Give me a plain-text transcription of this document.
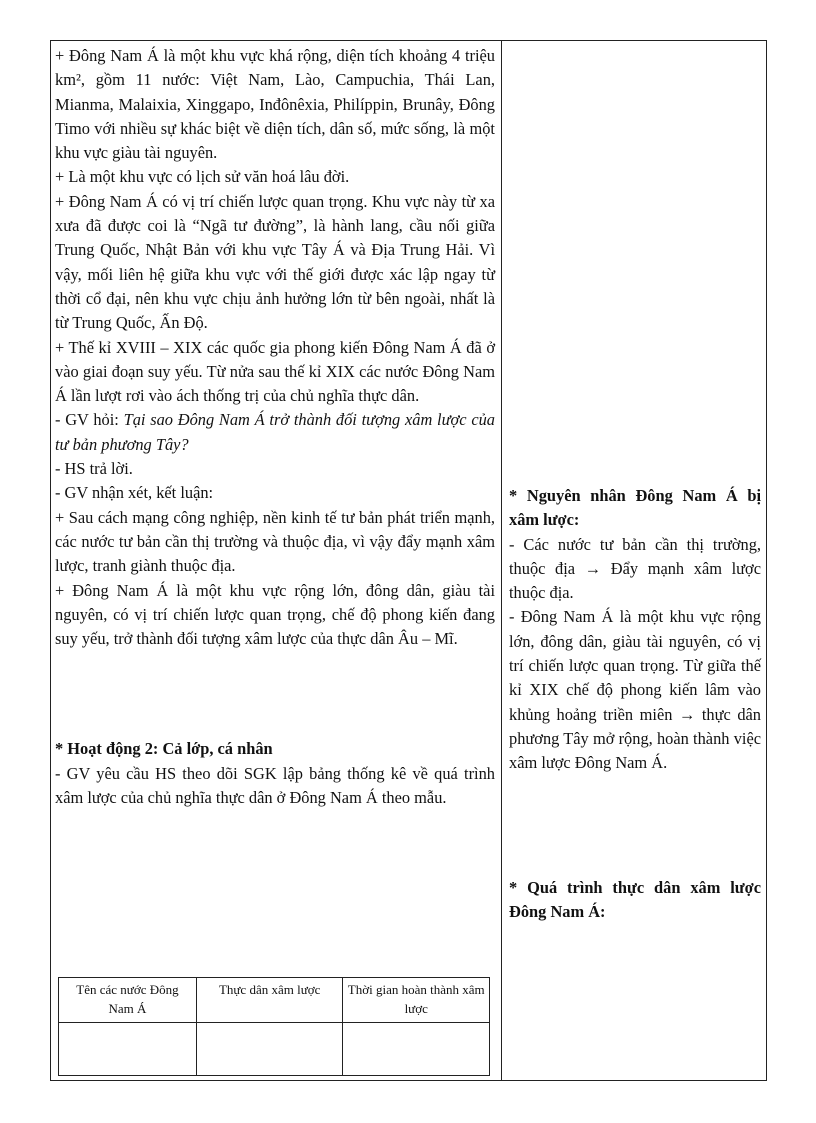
+ Đông Nam Á là một khu vực khá rộng, diện tích khoảng 4 triệu km², gồm 11 nước: Việt Nam, Lào, Campuchia, Thái Lan, Mianma, Malaixia, Xinggapo, Inđônêxia, Philíppin, Brunây, Đông Timo với nhiều sự khác biệt về diện tích, dân số, mức sống, là một khu vực giàu tài nguyên.

+ Là một khu vực có lịch sử văn hoá lâu đời.

+ Đông Nam Á có vị trí chiến lược quan trọng. Khu vực này từ xa xưa đã được coi là “Ngã tư đường”, là hành lang, cầu nối giữa Trung Quốc, Nhật Bản với khu vực Tây Á và Địa Trung Hải. Vì vậy, mối liên hệ giữa khu vực với thế giới được xác lập ngay từ thời cổ đại, nên khu vực chịu ảnh hưởng lớn từ bên ngoài, nhất là từ Trung Quốc, Ấn Độ.

+ Thế kỉ XVIII – XIX các quốc gia phong kiến Đông Nam Á đã ở vào giai đoạn suy yếu. Từ nửa sau thế kỉ XIX các nước Đông Nam Á lần lượt rơi vào ách thống trị của chủ nghĩa thực dân.

- GV hỏi: Tại sao Đông Nam Á trở thành đối tượng xâm lược của tư bản phương Tây?

- HS trả lời.

- GV nhận xét, kết luận:

+ Sau cách mạng công nghiệp, nền kinh tế tư bản phát triển mạnh, các nước tư bản cần thị trường và thuộc địa, vì vậy đẩy mạnh xâm lược, tranh giành thuộc địa.

+ Đông Nam Á là một khu vực rộng lớn, đông dân, giàu tài nguyên, có vị trí chiến lược quan trọng, chế độ phong kiến đang suy yếu, trở thành đối tượng xâm lược của thực dân Âu – Mĩ.

* Hoạt động 2: Cả lớp, cá nhân

- GV yêu cầu HS theo dõi SGK lập bảng thống kê về quá trình xâm lược của chủ nghĩa thực dân ở Đông Nam Á theo mẫu.

* Nguyên nhân Đông Nam Á bị xâm lược:

- Các nước tư bản cần thị trường, thuộc địa → Đẩy mạnh xâm lược thuộc địa.

- Đông Nam Á là một khu vực rộng lớn, đông dân, giàu tài nguyên, có vị trí chiến lược quan trọng. Từ giữa thế kỉ XIX chế độ phong kiến lâm vào khủng hoảng triền miên → thực dân phương Tây mở rộng, hoàn thành việc xâm lược Đông Nam Á.

* Quá trình thực dân xâm lược Đông Nam Á:

Tên các nước Đông Nam Á	Thực dân xâm lược	Thời gian hoàn thành xâm lược
